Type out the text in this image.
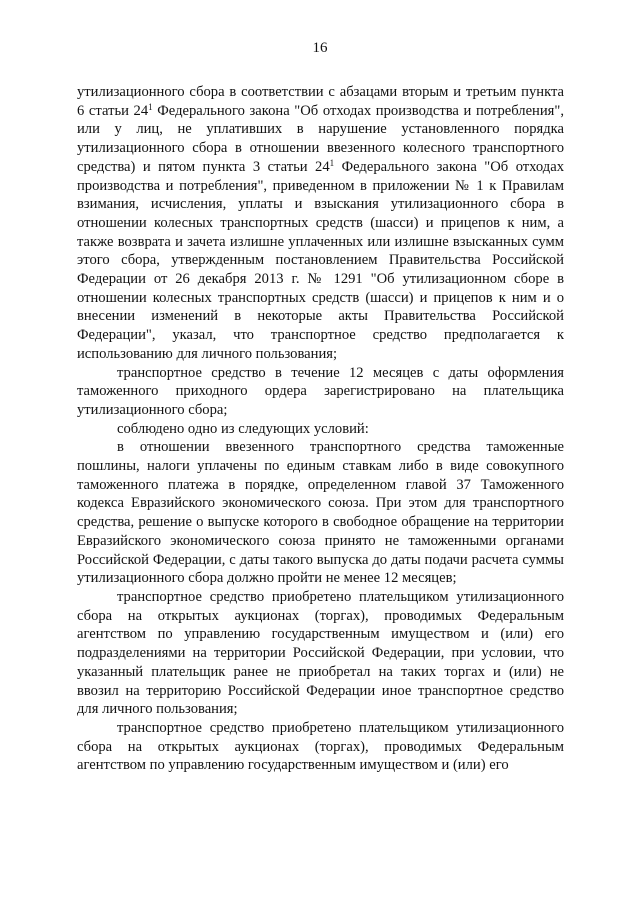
16

утилизационного сбора в соответствии с абзацами вторым и третьим пункта 6 статьи $24^1$ Федерального закона "Об отходах производства и потребления", или у лиц, не уплативших в нарушение установленного порядка утилизационного сбора в отношении ввезенного колесного транспортного средства) и пятом пункта 3 статьи $24^1$ Федерального закона "Об отходах производства и потребления", приведенном в приложении № 1 к Правилам взимания, исчисления, уплаты и взыскания утилизационного сбора в отношении колесных транспортных средств (шасси) и прицепов к ним, а также возврата и зачета излишне уплаченных или излишне взысканных сумм этого сбора, утвержденным постановлением Правительства Российской Федерации от 26 декабря 2013 г. № 1291 "Об утилизационном сборе в отношении колесных транспортных средств (шасси) и прицепов к ним и о внесении изменений в некоторые акты Правительства Российской Федерации", указал, что транспортное средство предполагается к использованию для личного пользования;

транспортное средство в течение 12 месяцев с даты оформления таможенного приходного ордера зарегистрировано на плательщика утилизационного сбора;

соблюдено одно из следующих условий:

в отношении ввезенного транспортного средства таможенные пошлины, налоги уплачены по единым ставкам либо в виде совокупного таможенного платежа в порядке, определенном главой 37 Таможенного кодекса Евразийского экономического союза. При этом для транспортного средства, решение о выпуске которого в свободное обращение на территории Евразийского экономического союза принято не таможенными органами Российской Федерации, с даты такого выпуска до даты подачи расчета суммы утилизационного сбора должно пройти не менее 12 месяцев;

транспортное средство приобретено плательщиком утилизационного сбора на открытых аукционах (торгах), проводимых Федеральным агентством по управлению государственным имуществом и (или) его подразделениями на территории Российской Федерации, при условии, что указанный плательщик ранее не приобретал на таких торгах и (или) не ввозил на территорию Российской Федерации иное транспортное средство для личного пользования;

транспортное средство приобретено плательщиком утилизационного сбора на открытых аукционах (торгах), проводимых Федеральным агентством по управлению государственным имуществом и (или) его
